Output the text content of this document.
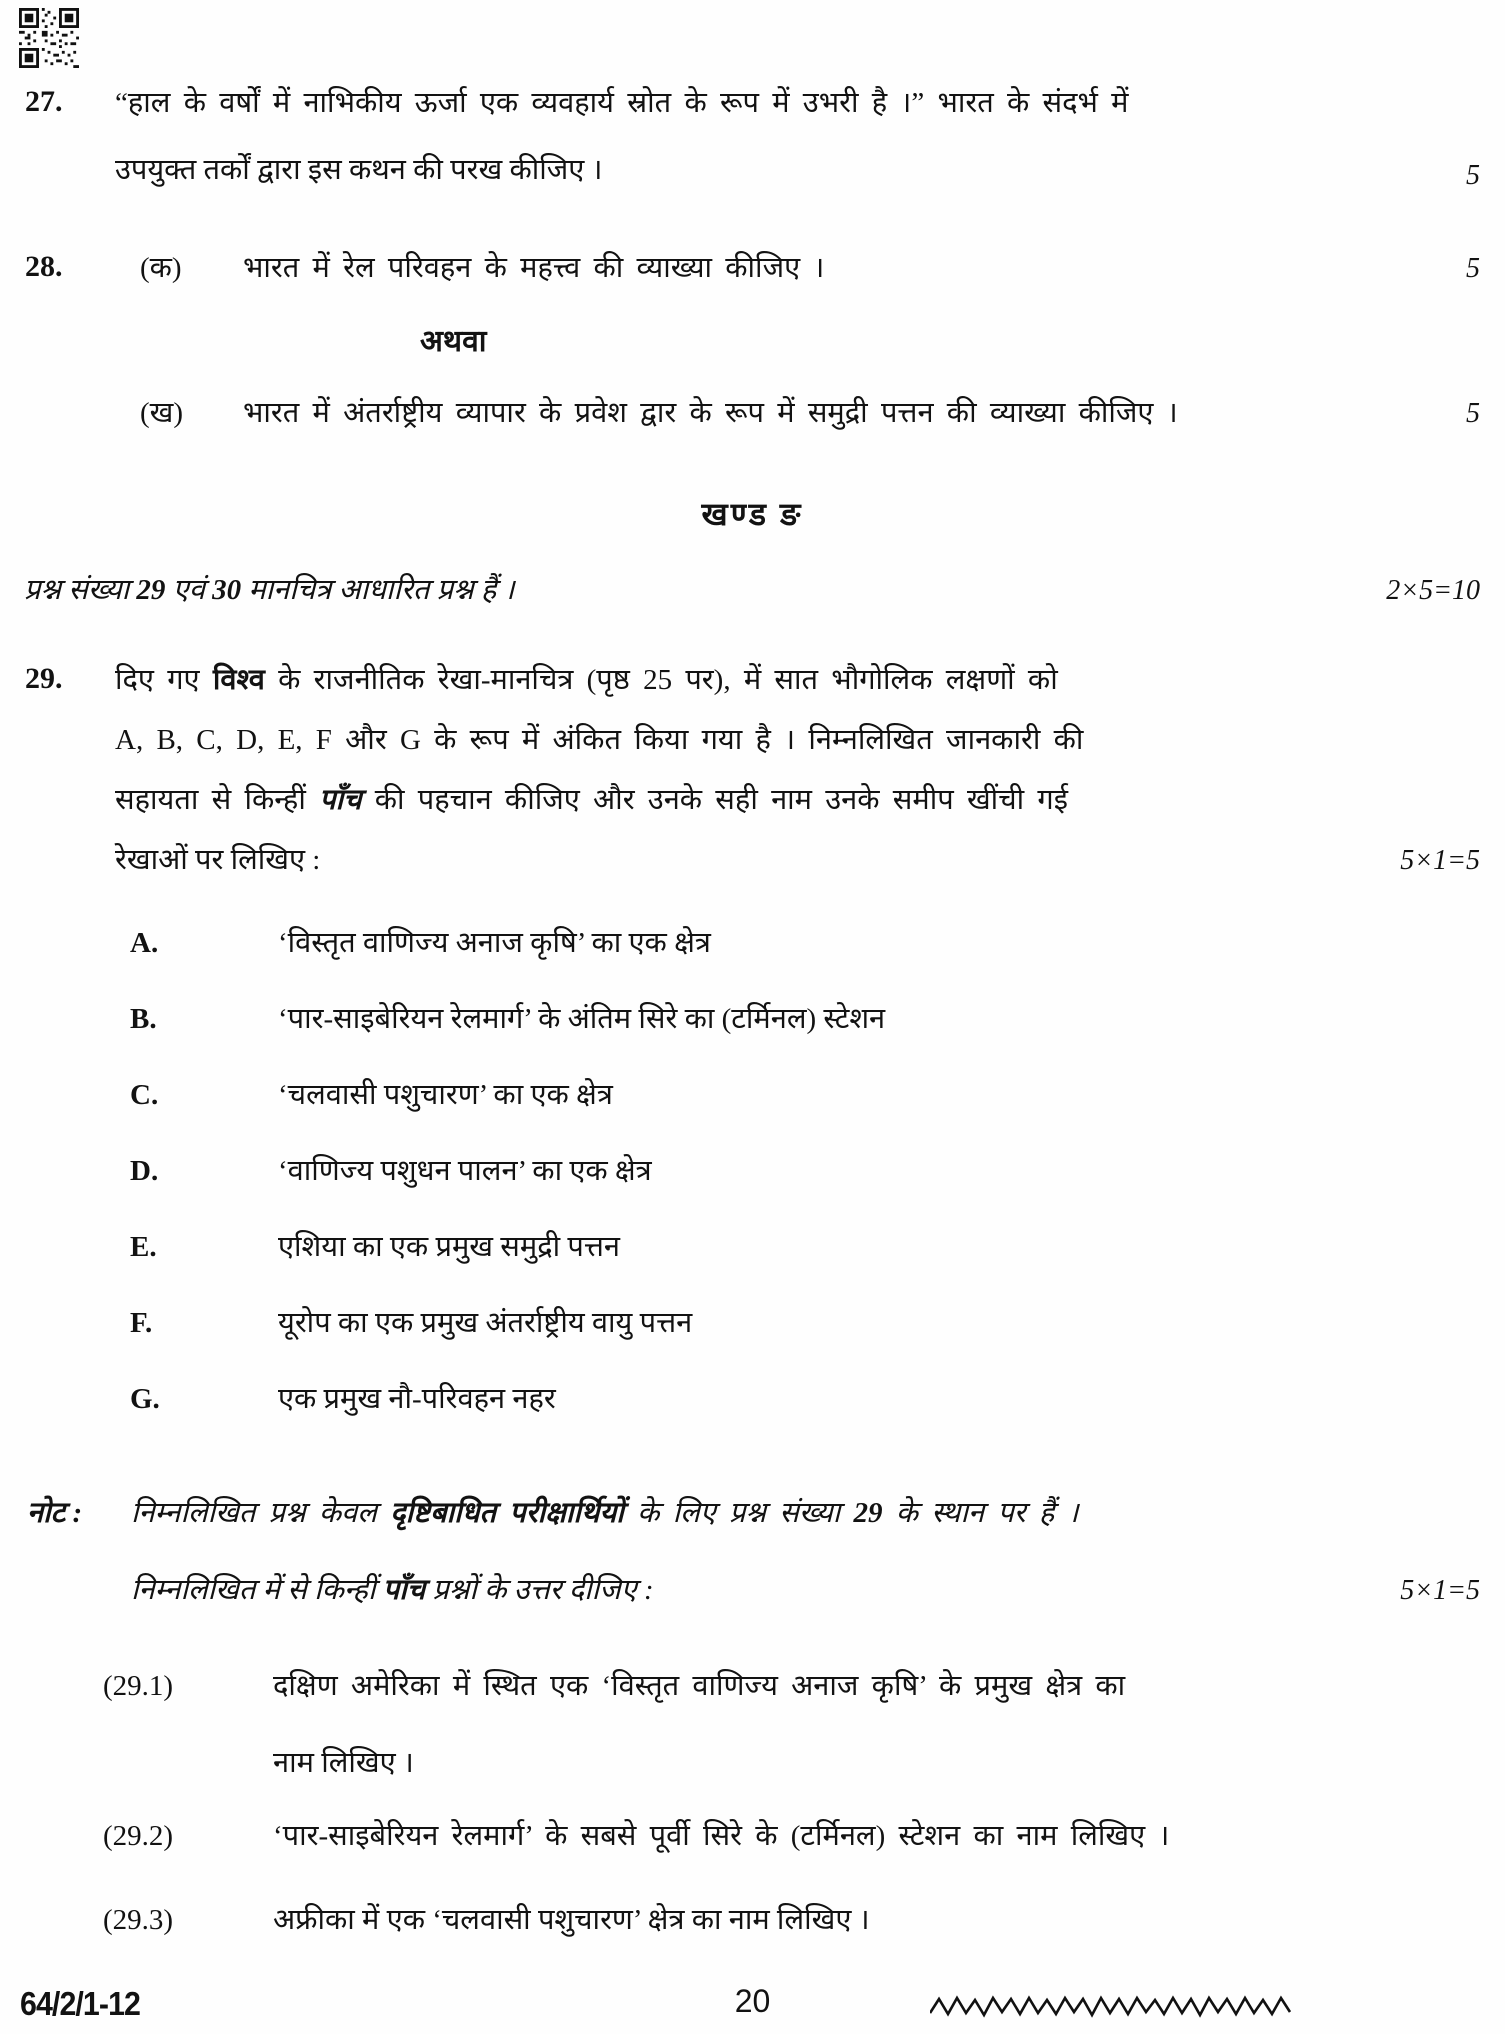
27. “हाल के वर्षों में नाभिकीय ऊर्जा एक व्यवहार्य स्रोत के रूप में उभरी है ।” भारत के संदर्भ में
उपयुक्त तर्कों द्वारा इस कथन की परख कीजिए ।	5
28.	(क) भारत में रेल परिवहन के महत्त्व की व्याख्या कीजिए ।	5
अथवा
(ख) भारत में अंतर्राष्ट्रीय व्यापार के प्रवेश द्वार के रूप में समुद्री पत्तन की व्याख्या कीजिए ।	5
खण्ड ङ
प्रश्न संख्या 29 एवं 30 मानचित्र आधारित प्रश्न हैं ।	2×5=10
29. दिए गए विश्व के राजनीतिक रेखा-मानचित्र (पृष्ठ 25 पर), में सात भौगोलिक लक्षणों को
A, B, C, D, E, F और G के रूप में अंकित किया गया है । निम्नलिखित जानकारी की
सहायता से किन्हीं पाँच की पहचान कीजिए और उनके सही नाम उनके समीप खींची गई
रेखाओं पर लिखिए :	5×1=5
A.	‘विस्तृत वाणिज्य अनाज कृषि’ का एक क्षेत्र
B.	‘पार-साइबेरियन रेलमार्ग’ के अंतिम सिरे का (टर्मिनल) स्टेशन
C.	‘चलवासी पशुचारण’ का एक क्षेत्र
D.	‘वाणिज्य पशुधन पालन’ का एक क्षेत्र
E.	एशिया का एक प्रमुख समुद्री पत्तन
F.	यूरोप का एक प्रमुख अंतर्राष्ट्रीय वायु पत्तन
G.	एक प्रमुख नौ-परिवहन नहर
नोट : निम्नलिखित प्रश्न केवल दृष्टिबाधित परीक्षार्थियों के लिए प्रश्न संख्या 29 के स्थान पर हैं ।
निम्नलिखित में से किन्हीं पाँच प्रश्नों के उत्तर दीजिए :	5×1=5
(29.1)	दक्षिण अमेरिका में स्थित एक ‘विस्तृत वाणिज्य अनाज कृषि’ के प्रमुख क्षेत्र का
नाम लिखिए ।
(29.2)	‘पार-साइबेरियन रेलमार्ग’ के सबसे पूर्वी सिरे के (टर्मिनल) स्टेशन का नाम लिखिए ।
(29.3)	अफ्रीका में एक ‘चलवासी पशुचारण’ क्षेत्र का नाम लिखिए ।
64/2/1-12	20
